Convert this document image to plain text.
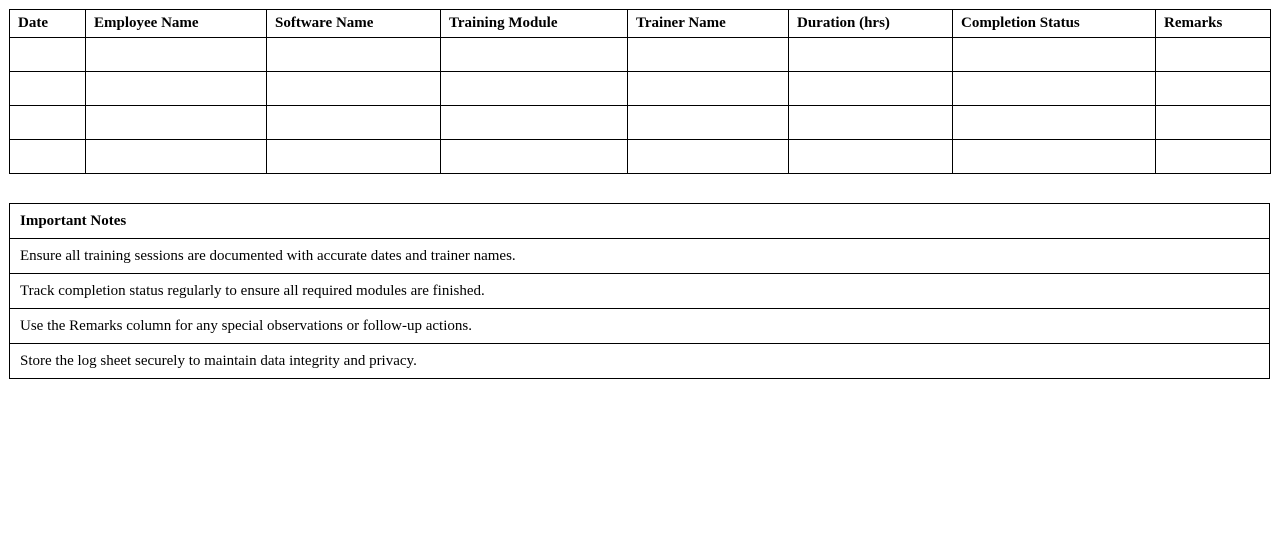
Date	Employee Name	Software Name	Training Module	Trainer Name	Duration (hrs)	Completion Status	Remarks

Important Notes
Ensure all training sessions are documented with accurate dates and trainer names.
Track completion status regularly to ensure all required modules are finished.
Use the Remarks column for any special observations or follow-up actions.
Store the log sheet securely to maintain data integrity and privacy.
